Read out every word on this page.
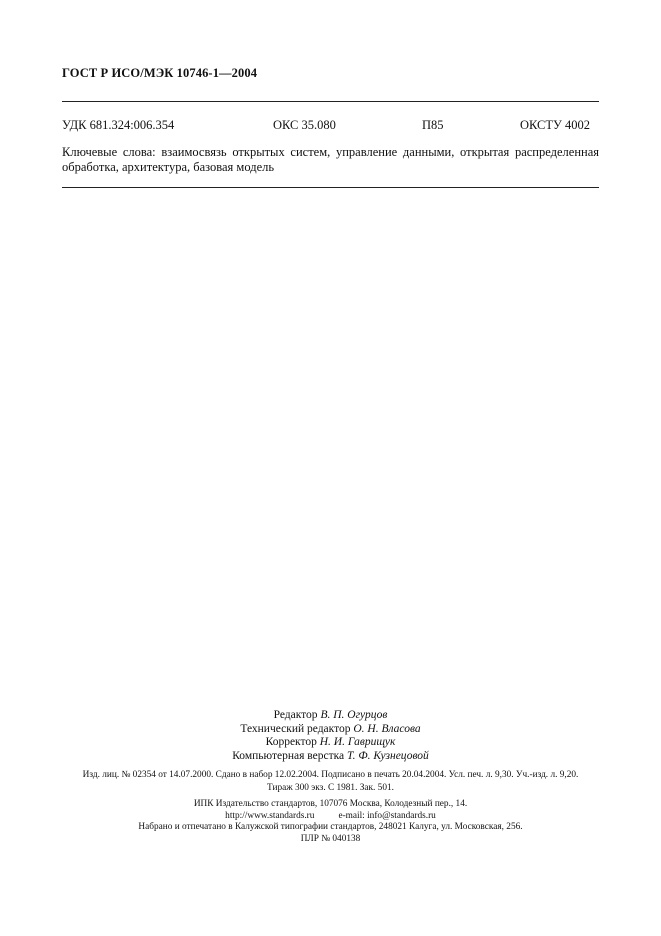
ГОСТ Р ИСО/МЭК 10746-1—2004
УДК 681.324:006.354	ОКС 35.080	П85	ОКСТУ 4002
Ключевые слова: взаимосвязь открытых систем, управление данными, открытая распределенная обработка, архитектура, базовая модель
Редактор В. П. Огурцов
Технический редактор О. Н. Власова
Корректор Н. И. Гаврищук
Компьютерная верстка Т. Ф. Кузнецовой
Изд. лиц. № 02354 от 14.07.2000. Сдано в набор 12.02.2004. Подписано в печать 20.04.2004. Усл. печ. л. 9,30. Уч.-изд. л. 9,20.
Тираж 300 экз. С 1981. Зак. 501.
ИПК Издательство стандартов, 107076 Москва, Колодезный пер., 14.
http://www.standards.ru	e-mail: info@standards.ru
Набрано и отпечатано в Калужской типографии стандартов, 248021 Калуга, ул. Московская, 256.
ПЛР № 040138
